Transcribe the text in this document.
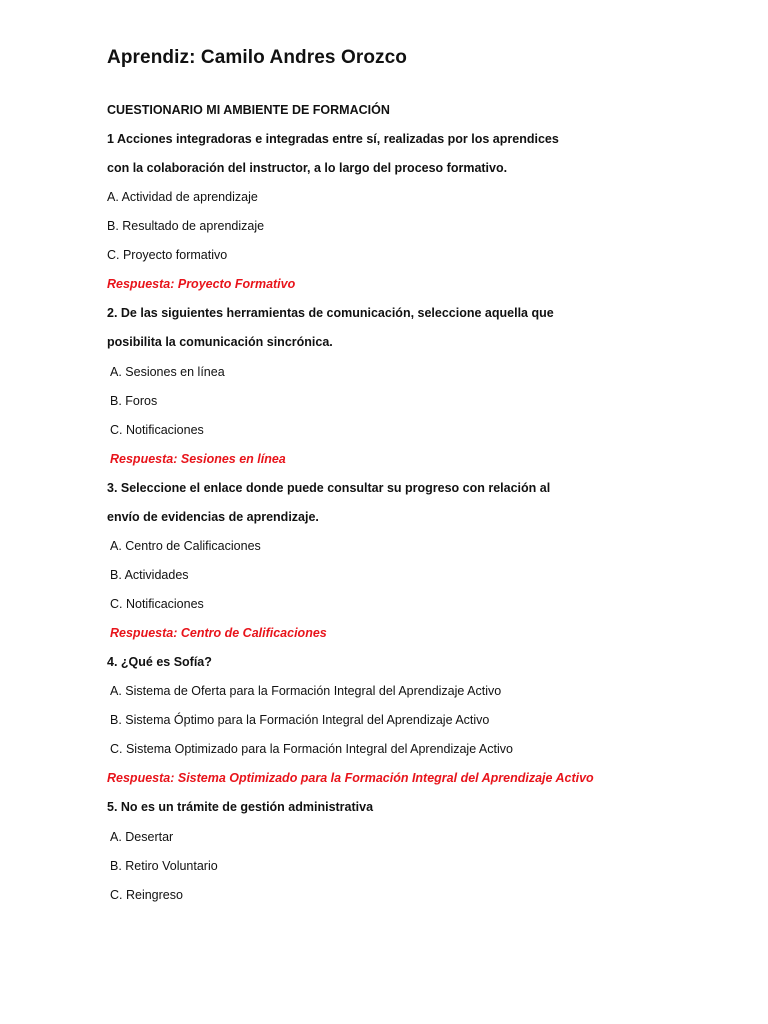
Aprendiz: Camilo Andres Orozco
CUESTIONARIO MI AMBIENTE DE FORMACIÓN
1 Acciones integradoras e integradas entre sí, realizadas por los aprendices
con la colaboración del instructor, a lo largo del proceso formativo.
A. Actividad de aprendizaje
B. Resultado de aprendizaje
C. Proyecto formativo
Respuesta: Proyecto Formativo
2. De las siguientes herramientas de comunicación, seleccione aquella que
posibilita la comunicación sincrónica.
A. Sesiones en línea
B. Foros
C. Notificaciones
Respuesta: Sesiones en línea
3. Seleccione el enlace donde puede consultar su progreso con relación al
envío de evidencias de aprendizaje.
A. Centro de Calificaciones
B. Actividades
C. Notificaciones
Respuesta: Centro de Calificaciones
4. ¿Qué es Sofía?
A. Sistema de Oferta para la Formación Integral del Aprendizaje Activo
B. Sistema Óptimo para la Formación Integral del Aprendizaje Activo
C. Sistema Optimizado para la Formación Integral del Aprendizaje Activo
Respuesta: Sistema Optimizado para la Formación Integral del Aprendizaje Activo
5. No es un trámite de gestión administrativa
A. Desertar
B. Retiro Voluntario
C. Reingreso
